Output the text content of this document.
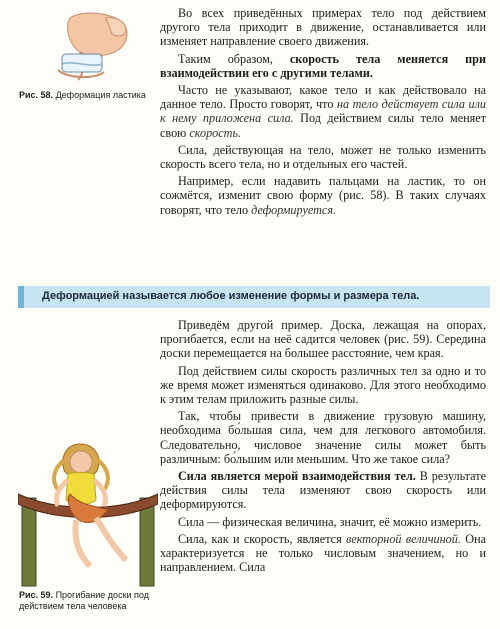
Рис. 58. Деформация ластика

Во всех приведённых примерах тело под действием другого тела приходит в движение, останавливается или изменяет направление своего движения.

Таким образом, скорость тела меняется при взаимодействии его с другими телами.

Часто не указывают, какое тело и как действовало на данное тело. Просто говорят, что на тело действует сила или к нему приложена сила. Под действием силы тело меняет свою скорость.

Сила, действующая на тело, может не только изменить скорость всего тела, но и отдельных его частей.

Например, если надавить пальцами на ластик, то он сожмётся, изменит свою форму (рис. 58). В таких случаях говорят, что тело деформируется.

Деформацией называется любое изменение формы и размера тела.
Рис. 59. Прогибание доски под действием тела человека

Приведём другой пример. Доска, лежащая на опорах, прогибается, если на неё садится человек (рис. 59). Середина доски перемещается на большее расстояние, чем края.

Под действием силы скорость различных тел за одно и то же время может изменяться одинаково. Для этого необходимо к этим телам приложить разные силы.

Так, чтобы привести в движение грузовую машину, необходима бо́льшая сила, чем для легкового автомобиля. Следовательно, числовое значение силы может быть различным: бо́льшим или меньшим. Что же такое сила?

Сила является мерой взаимодействия тел. В результате действия силы тела изменяют свою скорость или деформируются.

Сила — физическая величина, значит, её можно измерить.

Сила, как и скорость, является векторной величиной. Она характеризуется не только числовым значением, но и направлением. Сила
